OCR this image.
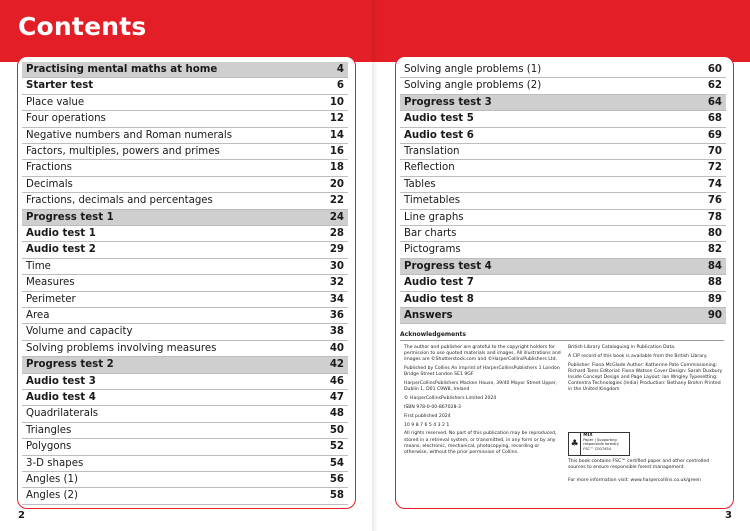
Contents
Practising mental maths at home	4
Starter test	6
Place value	10
Four operations	12
Negative numbers and Roman numerals	14
Factors, multiples, powers and primes	16
Fractions	18
Decimals	20
Fractions, decimals and percentages	22
Progress test 1	24
Audio test 1	28
Audio test 2	29
Time	30
Measures	32
Perimeter	34
Area	36
Volume and capacity	38
Solving problems involving measures	40
Progress test 2	42
Audio test 3	46
Audio test 4	47
Quadrilaterals	48
Triangles	50
Polygons	52
3-D shapes	54
Angles (1)	56
Angles (2)	58
Solving angle problems (1)	60
Solving angle problems (2)	62
Progress test 3	64
Audio test 5	68
Audio test 6	69
Translation	70
Reflection	72
Tables	74
Timetables	76
Line graphs	78
Bar charts	80
Pictograms	82
Progress test 4	84
Audio test 7	88
Audio test 8	89
Answers	90
Acknowledgements

The author and publisher are grateful to the copyright holders for permission to use quoted materials and images. All illustrations and images are ©Shutterstock.com and ©HarperCollinsPublishers Ltd.

Published by Collins An imprint of HarperCollinsPublishers 1 London Bridge Street London SE1 9GF

HarperCollinsPublishers Macken House, 39/40 Mayor Street Upper, Dublin 1, D01 C9W8, Ireland

© HarperCollinsPublishers Limited 2024

ISBN 978-0-00-867028-3

First published 2024

10 9 8 7 6 5 4 3 2 1

All rights reserved. No part of this publication may be reproduced, stored in a retrieval system, or transmitted, in any form or by any means, electronic, mechanical, photocopying, recording or otherwise, without the prior permission of Collins.

British Library Cataloguing in Publication Data.

A CIP record of this book is available from the British Library.

Publisher: Fiona McGlade Author: Katherine Pate Commissioning: Richard Toms Editorial: Fiona Watson Cover Design: Sarah Duxbury Inside Concept Design and Page Layout: Ian Wrigley Typesetting: Contentra Technologies (India) Production: Bethany Brohm Printed in the United Kingdom

♣
MIX
Paper | Supporting responsible forestry
FSC™ C007454
This book contains FSC™ certified paper and other controlled sources to ensure responsible forest management.
For more information visit: www.harpercollins.co.uk/green
2	3
